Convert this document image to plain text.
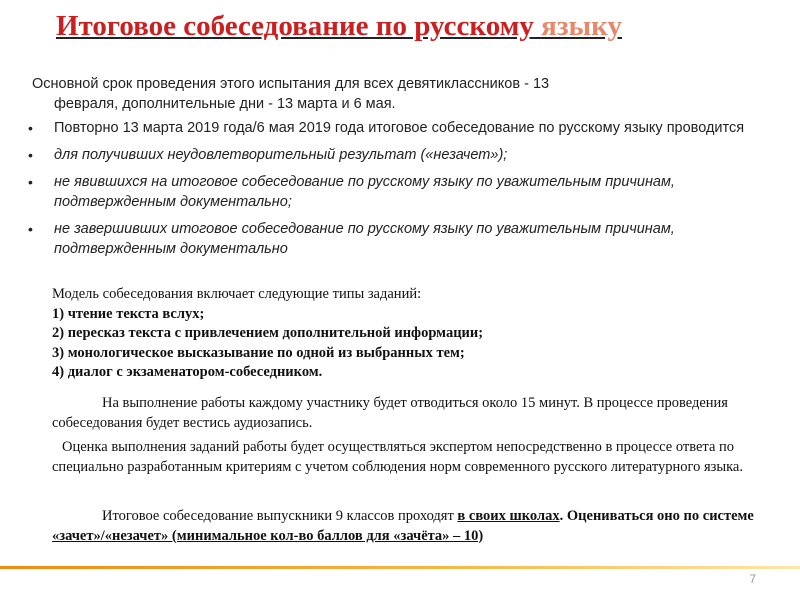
Итоговое собеседование по русскому языку

Основной срок проведения этого испытания для всех девятиклассников - 13
февраля, дополнительные дни - 13 марта и 6 мая.

• Повторно 13 марта 2019 года/6 мая 2019 года итоговое собеседование по русскому языку проводится
• для получивших неудовлетворительный результат («незачет»);
• не явившихся на итоговое собеседование по русскому языку по уважительным причинам, подтвержденным документально;
• не завершивших итоговое собеседование по русскому языку по уважительным причинам, подтвержденным документально
Модель собеседования включает следующие типы заданий:
1) чтение текста вслух;
2) пересказ текста с привлечением дополнительной информации;
3) монологическое высказывание по одной из выбранных тем;
4) диалог с экзаменатором-собеседником.
На выполнение работы каждому участнику будет отводиться около 15 минут. В процессе проведения собеседования будет вестись аудиозапись.
Оценка выполнения заданий работы будет осуществляться экспертом непосредственно в процессе ответа по специально разработанным критериям с учетом соблюдения норм современного русского литературного языка.
Итоговое собеседование выпускники 9 классов проходят в своих школах. Оцениваться оно по системе «зачет»/«незачет» (минимальное кол-во баллов для «зачёта» – 10)
7
